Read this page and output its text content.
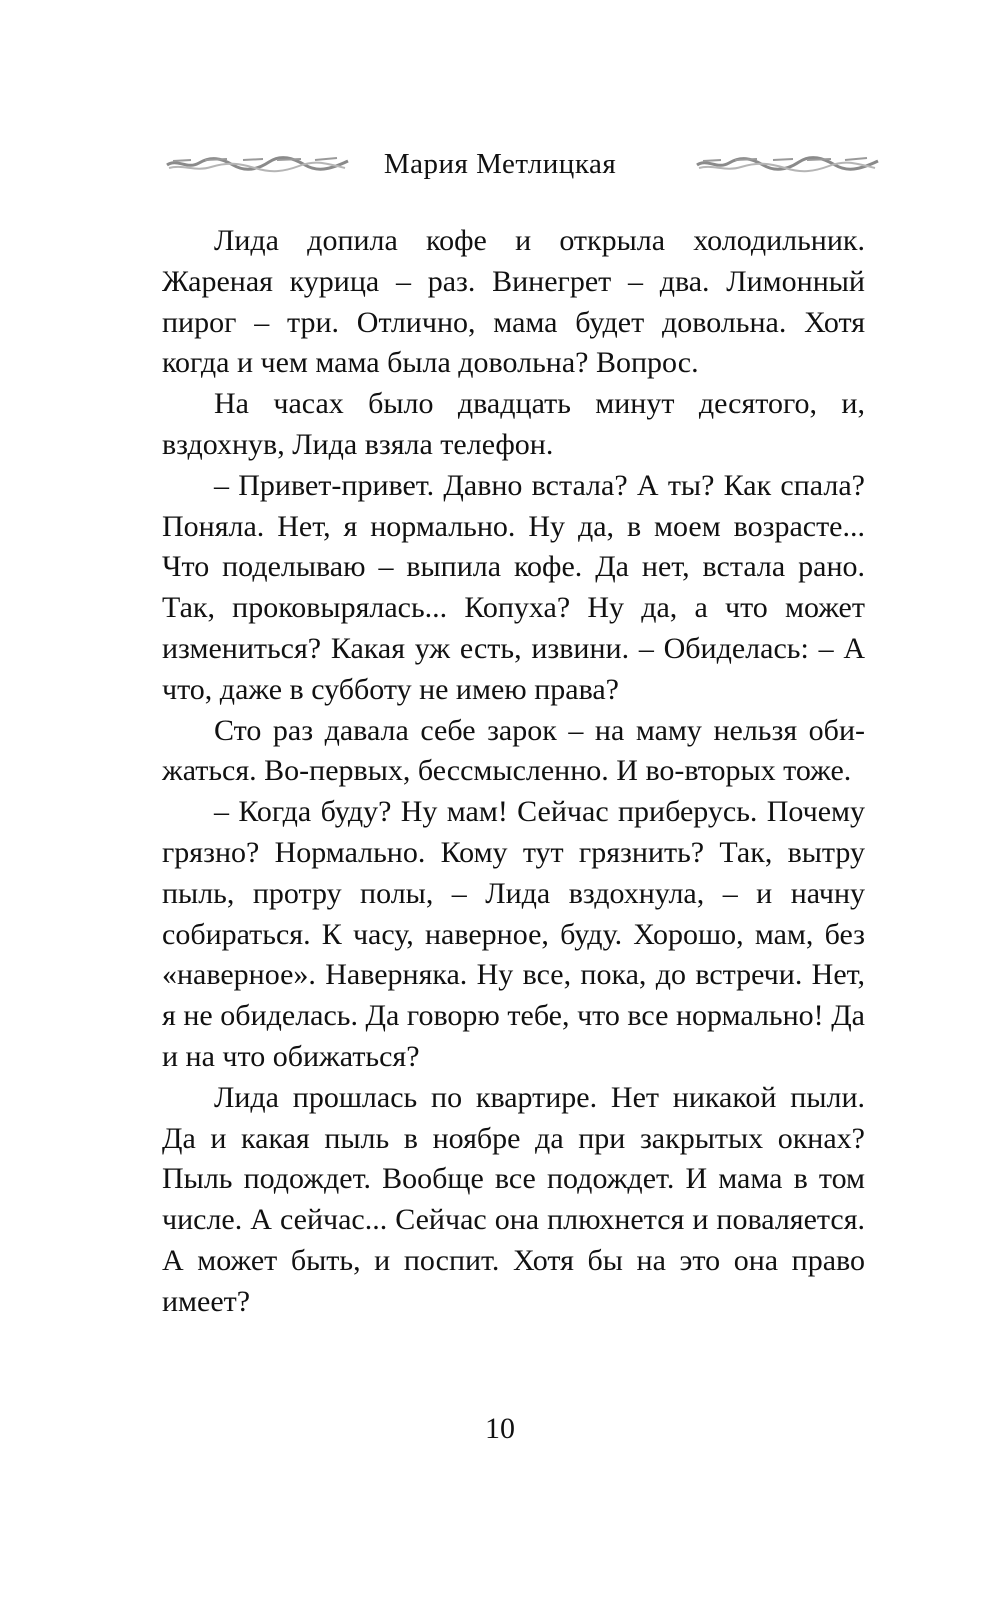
Мария Метлицкая

Лида допила кофе и открыла холодильник. Жареная курица – раз. Винегрет – два. Лимонный пирог – три. Отлично, мама будет довольна. Хотя когда и чем мама была довольна? Вопрос.

На часах было двадцать минут десятого, и, вздохнув, Лида взяла телефон.

– Привет-привет. Давно встала? А ты? Как спала? Поняла. Нет, я нормально. Ну да, в моем возрасте... Что поделываю – выпила кофе. Да нет, встала рано. Так, проковырялась... Копуха? Ну да, а что может измениться? Какая уж есть, извини. – Обиделась: – А что, даже в субботу не имею права?

Сто раз давала себе зарок – на маму нельзя обижаться. Во-первых, бессмысленно. И во-вторых тоже.

– Когда буду? Ну мам! Сейчас приберусь. Почему грязно? Нормально. Кому тут грязнить? Так, вытру пыль, протру полы, – Лида вздохнула, – и начну собираться. К часу, наверное, буду. Хорошо, мам, без «наверное». Наверняка. Ну все, пока, до встречи. Нет, я не обиделась. Да говорю тебе, что все нормально! Да и на что обижаться?

Лида прошлась по квартире. Нет никакой пыли. Да и какая пыль в ноябре да при закрытых окнах? Пыль подождет. Вообще все подождет. И мама в том числе. А сейчас... Сейчас она плюхнется и поваляется. А может быть, и поспит. Хотя бы на это она право имеет?

10
